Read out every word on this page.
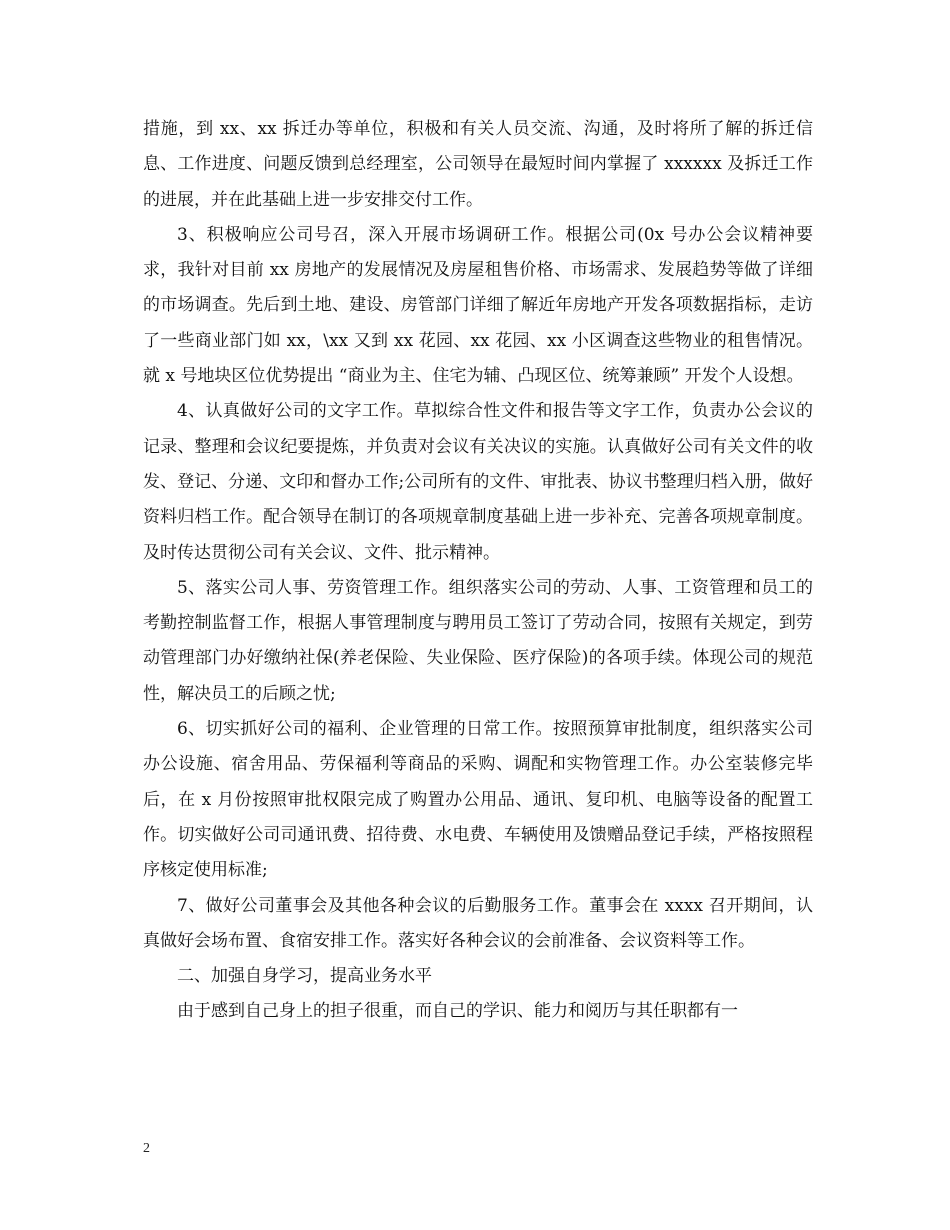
措施，到 xx、xx 拆迁办等单位，积极和有关人员交流、沟通，及时将所了解的拆迁信息、工作进度、问题反馈到总经理室，公司领导在最短时间内掌握了 xxxxxx 及拆迁工作的进展，并在此基础上进一步安排交付工作。

3、积极响应公司号召，深入开展市场调研工作。根据公司(0x 号办公会议精神要求，我针对目前 xx 房地产的发展情况及房屋租售价格、市场需求、发展趋势等做了详细的市场调查。先后到土地、建设、房管部门详细了解近年房地产开发各项数据指标，走访了一些商业部门如 xx，\xx 又到 xx 花园、xx 花园、xx 小区调查这些物业的租售情况。就 x 号地块区位优势提出 “商业为主、住宅为辅、凸现区位、统筹兼顾” 开发个人设想。

4、认真做好公司的文字工作。草拟综合性文件和报告等文字工作，负责办公会议的记录、整理和会议纪要提炼，并负责对会议有关决议的实施。认真做好公司有关文件的收发、登记、分递、文印和督办工作;公司所有的文件、审批表、协议书整理归档入册，做好资料归档工作。配合领导在制订的各项规章制度基础上进一步补充、完善各项规章制度。及时传达贯彻公司有关会议、文件、批示精神。

5、落实公司人事、劳资管理工作。组织落实公司的劳动、人事、工资管理和员工的考勤控制监督工作，根据人事管理制度与聘用员工签订了劳动合同，按照有关规定，到劳动管理部门办好缴纳社保(养老保险、失业保险、医疗保险)的各项手续。体现公司的规范性，解决员工的后顾之忧;

6、切实抓好公司的福利、企业管理的日常工作。按照预算审批制度，组织落实公司办公设施、宿舍用品、劳保福利等商品的采购、调配和实物管理工作。办公室装修完毕后，在 x 月份按照审批权限完成了购置办公用品、通讯、复印机、电脑等设备的配置工作。切实做好公司司通讯费、招待费、水电费、车辆使用及馈赠品登记手续，严格按照程序核定使用标准;

7、做好公司董事会及其他各种会议的后勤服务工作。董事会在 xxxx 召开期间，认真做好会场布置、食宿安排工作。落实好各种会议的会前准备、会议资料等工作。

二、加强自身学习，提高业务水平

由于感到自己身上的担子很重，而自己的学识、能力和阅历与其任职都有一

2
